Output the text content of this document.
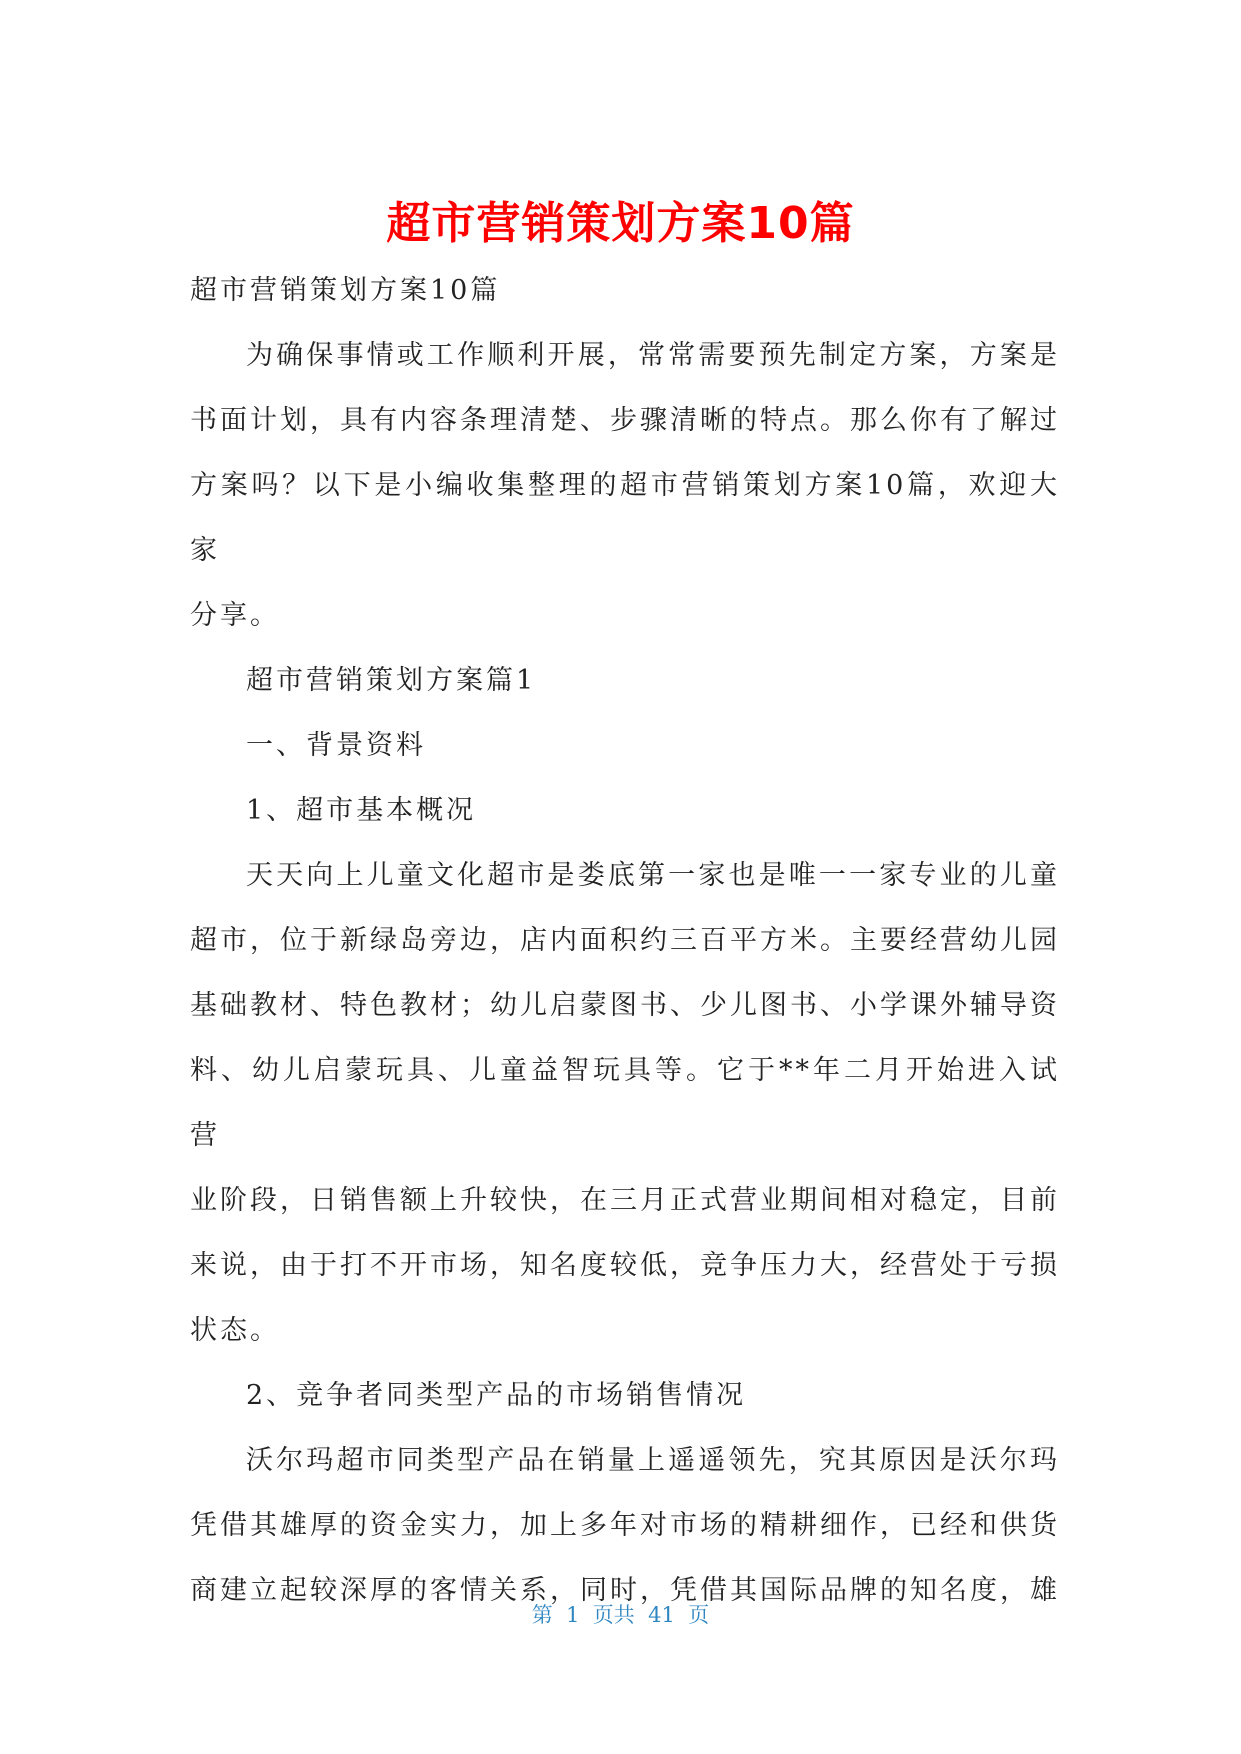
超市营销策划方案10篇

超市营销策划方案10篇

为确保事情或工作顺利开展，常常需要预先制定方案，方案是

书面计划，具有内容条理清楚、步骤清晰的特点。那么你有了解过

方案吗？以下是小编收集整理的超市营销策划方案10篇，欢迎大家

分享。

超市营销策划方案篇1

一、背景资料

1、超市基本概况

天天向上儿童文化超市是娄底第一家也是唯一一家专业的儿童

超市，位于新绿岛旁边，店内面积约三百平方米。主要经营幼儿园

基础教材、特色教材；幼儿启蒙图书、少儿图书、小学课外辅导资

料、幼儿启蒙玩具、儿童益智玩具等。它于**年二月开始进入试营

业阶段，日销售额上升较快，在三月正式营业期间相对稳定，目前

来说，由于打不开市场，知名度较低，竞争压力大，经营处于亏损

状态。

2、竞争者同类型产品的市场销售情况

沃尔玛超市同类型产品在销量上遥遥领先，究其原因是沃尔玛

凭借其雄厚的资金实力，加上多年对市场的精耕细作，已经和供货

商建立起较深厚的客情关系，同时，凭借其国际品牌的知名度，雄

第  1  页共  41  页
